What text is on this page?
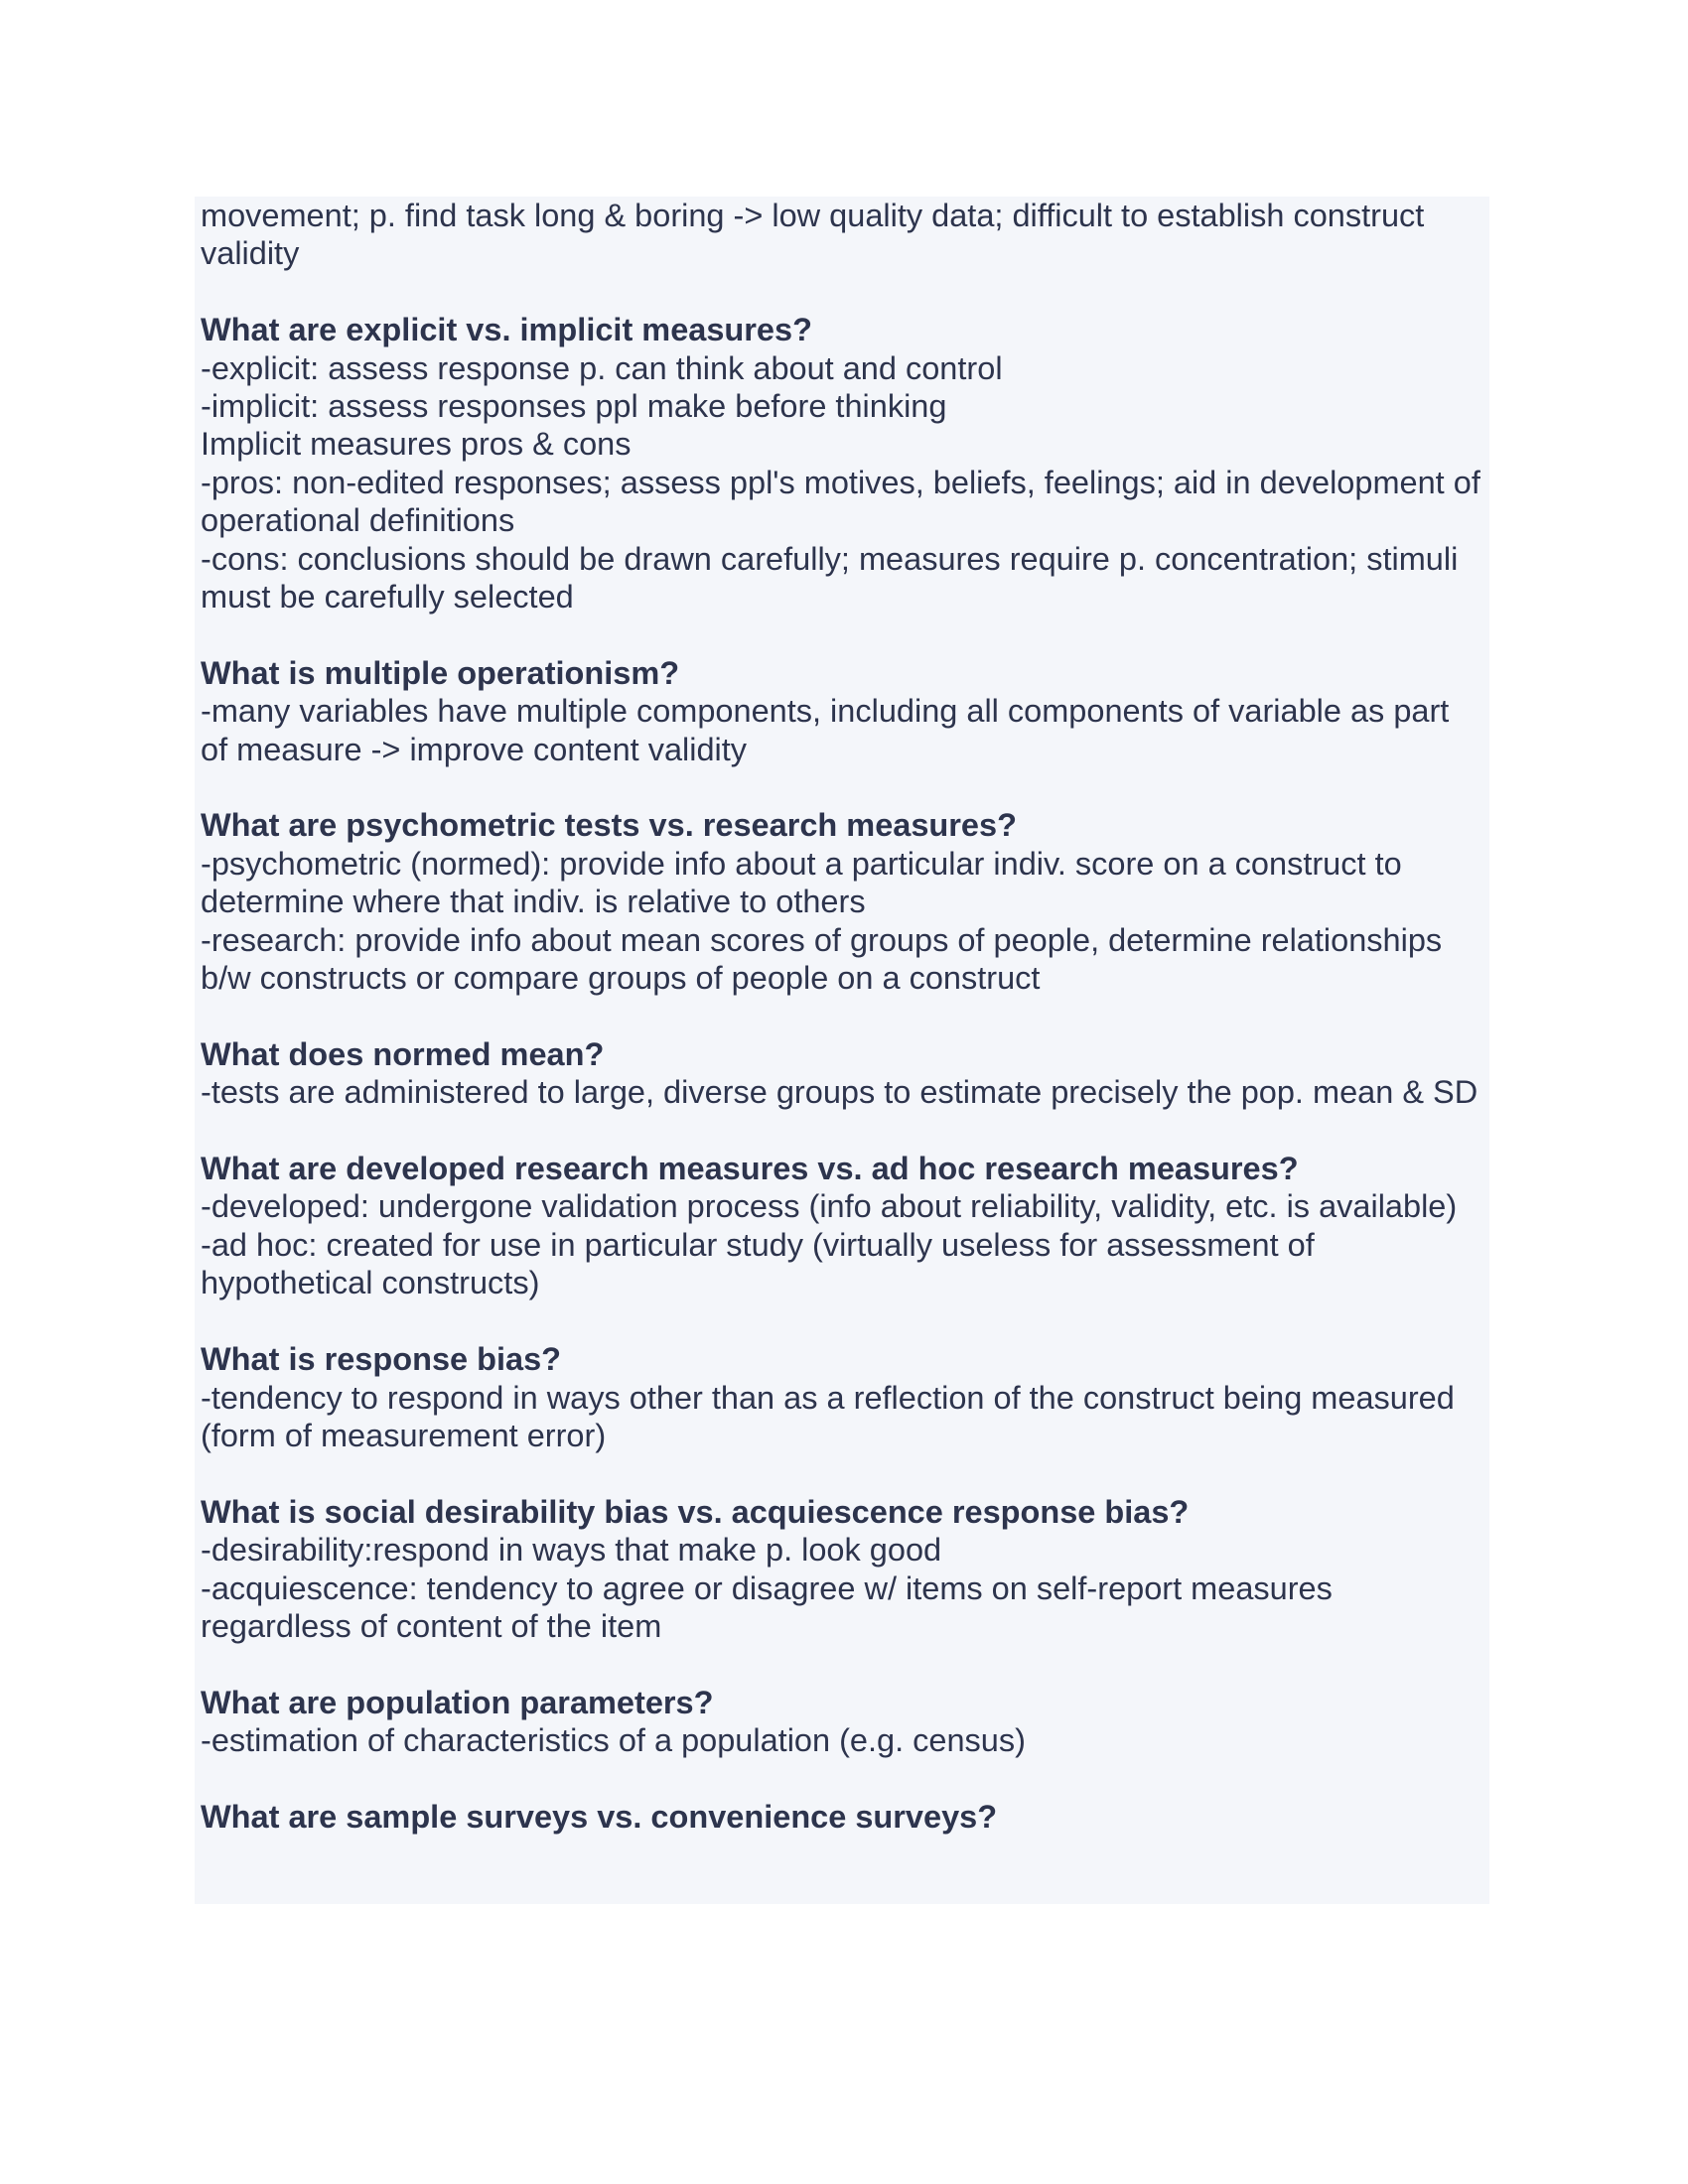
movement; p. find task long & boring -> low quality data; difficult to establish construct validity

What are explicit vs. implicit measures?

-explicit: assess response p. can think about and control
-implicit: assess responses ppl make before thinking
Implicit measures pros & cons
-pros: non-edited responses; assess ppl's motives, beliefs, feelings; aid in development of operational definitions
-cons: conclusions should be drawn carefully; measures require p. concentration; stimuli must be carefully selected

What is multiple operationism?

-many variables have multiple components, including all components of variable as part of measure -> improve content validity

What are psychometric tests vs. research measures?

-psychometric (normed): provide info about a particular indiv. score on a construct to determine where that indiv. is relative to others
-research: provide info about mean scores of groups of people, determine relationships b/w constructs or compare groups of people on a construct

What does normed mean?

-tests are administered to large, diverse groups to estimate precisely the pop. mean & SD

What are developed research measures vs. ad hoc research measures?

-developed: undergone validation process (info about reliability, validity, etc. is available)
-ad hoc: created for use in particular study (virtually useless for assessment of hypothetical constructs)

What is response bias?

-tendency to respond in ways other than as a reflection of the construct being measured (form of measurement error)

What is social desirability bias vs. acquiescence response bias?

-desirability:respond in ways that make p. look good
-acquiescence: tendency to agree or disagree w/ items on self-report measures regardless of content of the item

What are population parameters?

-estimation of characteristics of a population (e.g. census)

What are sample surveys vs. convenience surveys?
